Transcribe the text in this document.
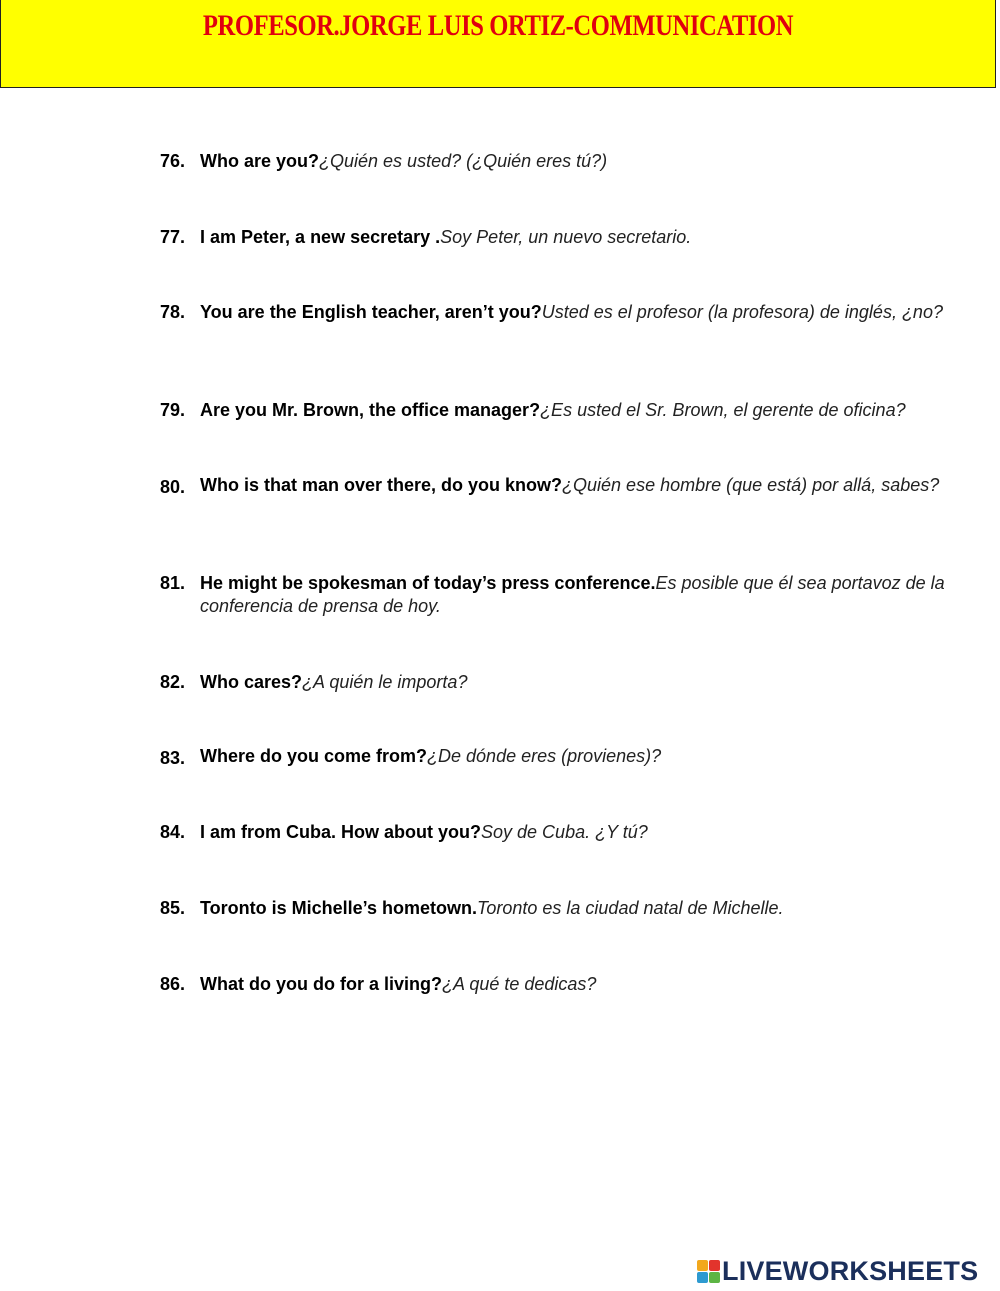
PROFESOR.JORGE LUIS ORTIZ-COMMUNICATION
76. Who are you?¿Quién es usted? (¿Quién eres tú?)
77. I am Peter, a new secretary .Soy Peter, un nuevo secretario.
78. You are the English teacher, aren’t you?Usted es el profesor (la profesora) de inglés, ¿no?
79. Are you Mr. Brown, the office manager?¿Es usted el Sr. Brown, el gerente de oficina?
80. Who is that man over there, do you know?¿Quién ese hombre (que está) por allá, sabes?
81. He might be spokesman of today’s press conference.Es posible que él sea portavoz de la conferencia de prensa de hoy.
82. Who cares?¿A quién le importa?
83. Where do you come from?¿De dónde eres (provienes)?
84. I am from Cuba. How about you?Soy de Cuba. ¿Y tú?
85. Toronto is Michelle’s hometown.Toronto es la ciudad natal de Michelle.
86. What do you do for a living?¿A qué te dedicas?
LIVEWORKSHEETS
